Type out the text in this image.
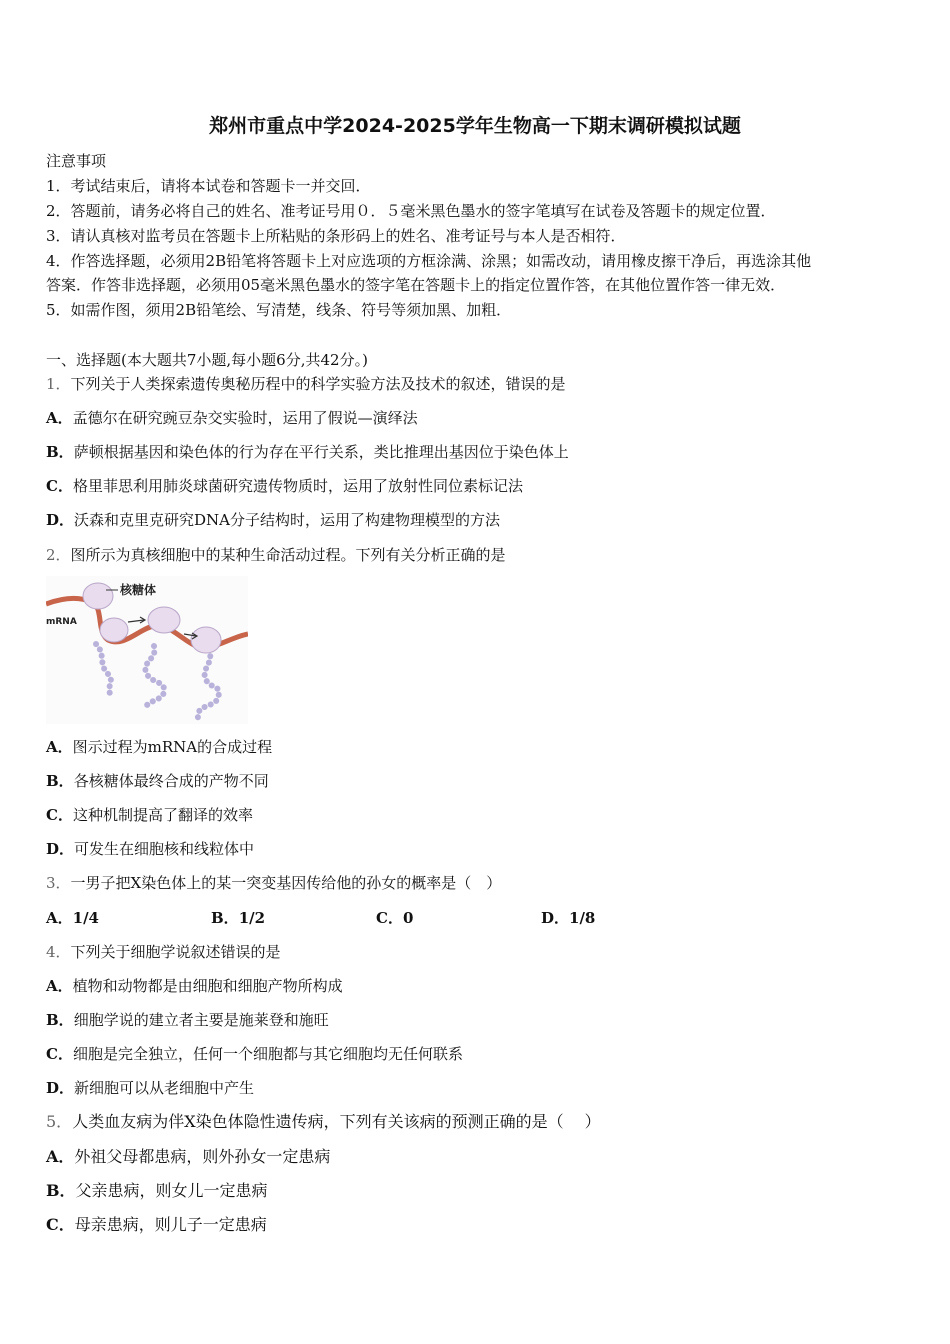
郑州市重点中学2024-2025学年生物高一下期末调研模拟试题
注意事项
1．考试结束后，请将本试卷和答题卡一并交回．
2．答题前，请务必将自己的姓名、准考证号用０．５毫米黑色墨水的签字笔填写在试卷及答题卡的规定位置．
3．请认真核对监考员在答题卡上所粘贴的条形码上的姓名、准考证号与本人是否相符．
4．作答选择题，必须用2B铅笔将答题卡上对应选项的方框涂满、涂黑；如需改动，请用橡皮擦干净后，再选涂其他
答案．作答非选择题，必须用05毫米黑色墨水的签字笔在答题卡上的指定位置作答，在其他位置作答一律无效．
5．如需作图，须用2B铅笔绘、写清楚，线条、符号等须加黑、加粗．
一、选择题(本大题共7小题,每小题6分,共42分。)
1．下列关于人类探索遗传奥秘历程中的科学实验方法及技术的叙述，错误的是
A．孟德尔在研究豌豆杂交实验时，运用了假说—演绎法
B．萨顿根据基因和染色体的行为存在平行关系，类比推理出基因位于染色体上
C．格里菲思利用肺炎球菌研究遗传物质时，运用了放射性同位素标记法
D．沃森和克里克研究DNA分子结构时，运用了构建物理模型的方法
2．图所示为真核细胞中的某种生命活动过程。下列有关分析正确的是
核糖体
mRNA
A．图示过程为mRNA的合成过程
B．各核糖体最终合成的产物不同
C．这种机制提高了翻译的效率
D．可发生在细胞核和线粒体中
3．一男子把X染色体上的某一突变基因传给他的孙女的概率是（　）
A．1/4	B．1/2	C．0	D．1/8
4．下列关于细胞学说叙述错误的是
A．植物和动物都是由细胞和细胞产物所构成
B．细胞学说的建立者主要是施莱登和施旺
C．细胞是完全独立，任何一个细胞都与其它细胞均无任何联系
D．新细胞可以从老细胞中产生
5．人类血友病为伴X染色体隐性遗传病，下列有关该病的预测正确的是（　 ）
A．外祖父母都患病，则外孙女一定患病
B．父亲患病，则女儿一定患病
C．母亲患病，则儿子一定患病
